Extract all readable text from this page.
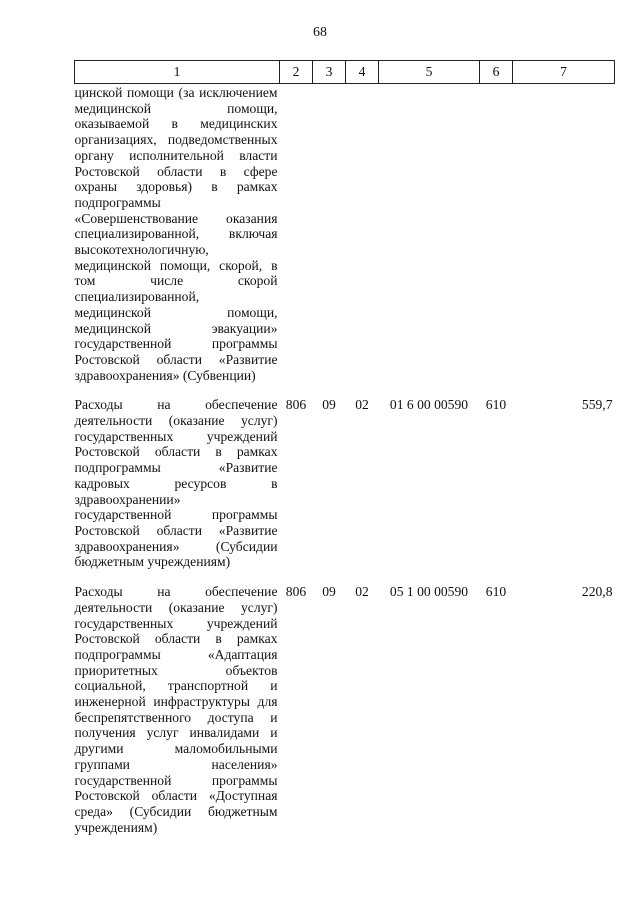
68
1	2	3	4	5	6	7
цинской помощи (за исключением медицинской помощи, оказываемой в медицинских организациях, подведомственных органу исполнительной власти Ростовской области в сфере охраны здоровья) в рамках подпрограммы «Совершенствование оказания специализированной, включая высокотехнологичную, медицинской помощи, скорой, в том числе скорой специализированной, медицинской помощи, медицинской эвакуации» государственной программы Ростовской области «Развитие здравоохранения» (Субвенции)						
Расходы на обеспечение деятельности (оказание услуг) государственных учреждений Ростовской области в рамках подпрограммы «Развитие кадровых ресурсов в здравоохранении» государственной программы Ростовской области «Развитие здравоохранения» (Субсидии бюджетным учреждениям)	806	09	02	01 6 00 00590	610	559,7
Расходы на обеспечение деятельности (оказание услуг) государственных учреждений Ростовской области в рамках подпрограммы «Адаптация приоритетных объектов социальной, транспортной и инженерной инфраструктуры для беспрепятственного доступа и получения услуг инвалидами и другими маломобильными группами населения» государственной программы Ростовской области «Доступная среда» (Субсидии бюджетным учреждениям)	806	09	02	05 1 00 00590	610	220,8
